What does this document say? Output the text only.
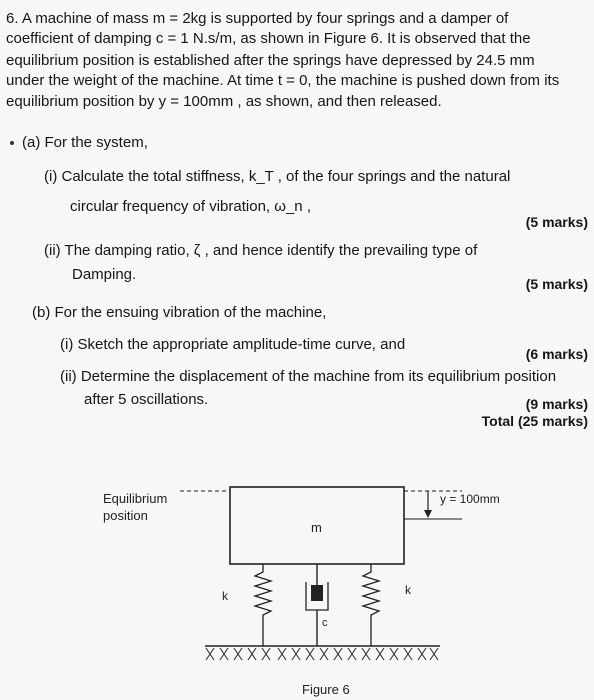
6. A machine of mass m = 2kg is supported by four springs and a damper of
coefficient of damping c = 1 N.s/m, as shown in Figure 6. It is observed that the
equilibrium position is established after the springs have depressed by 24.5 mm
under the weight of the machine. At time t = 0, the machine is pushed down from its
equilibrium position by y = 100mm , as shown, and then released.
(a) For the system,
(i) Calculate the total stiffness, k_T , of the four springs and the natural
circular frequency of vibration, ω_n ,
(5 marks)
(ii) The damping ratio, ζ , and hence identify the prevailing type of
Damping.
(5 marks)
(b) For the ensuing vibration of the machine,
(i) Sketch the appropriate amplitude-time curve, and
(6 marks)
(ii) Determine the displacement of the machine from its equilibrium position
after 5 oscillations.	(9 marks)
Total (25 marks)
Equilibrium
position
y = 100mm
m
k
c
k
Figure 6
